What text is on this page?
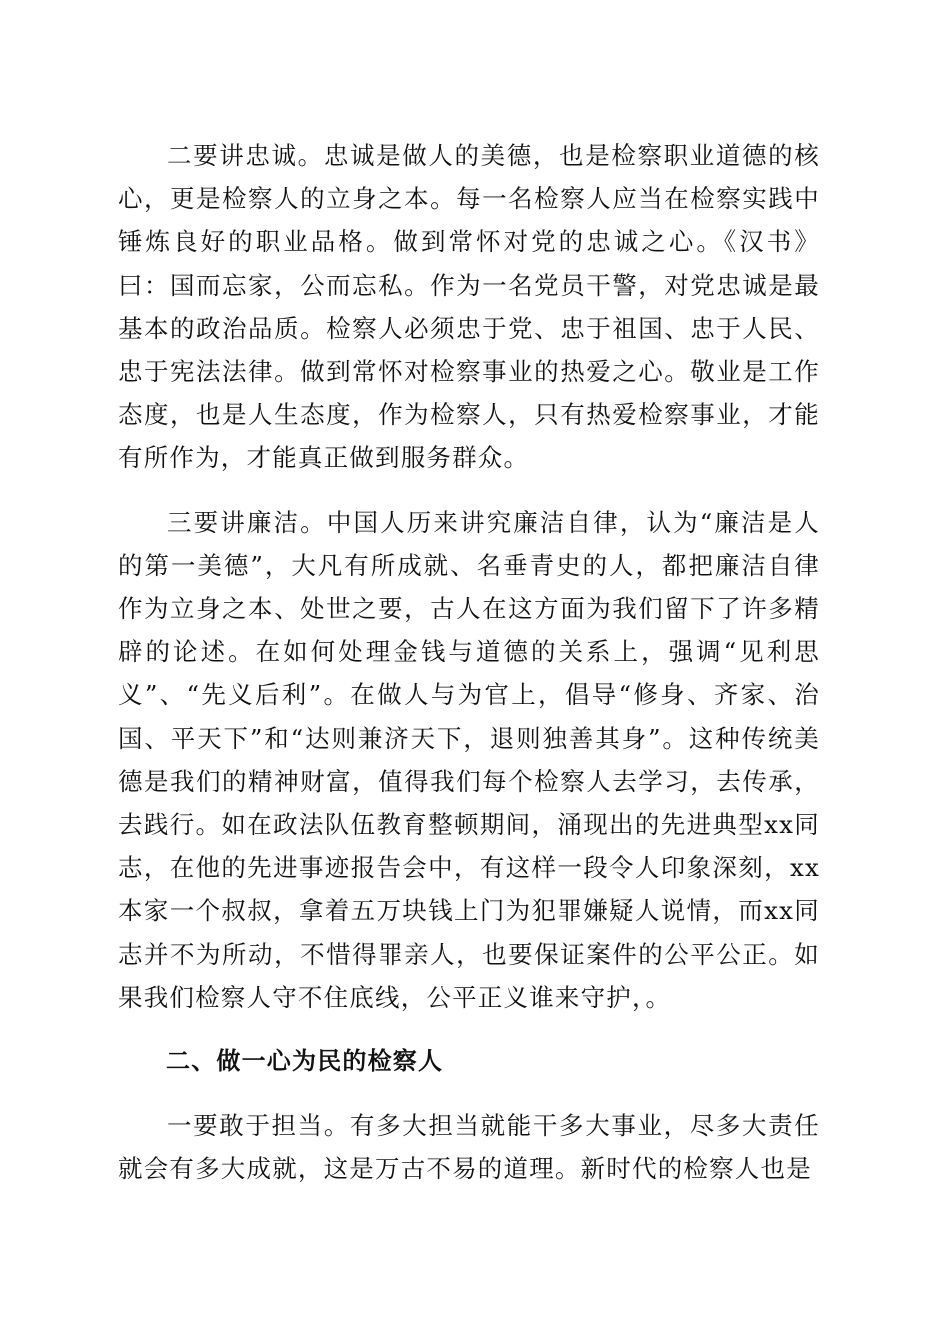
二要讲忠诚。忠诚是做人的美德，也是检察职业道德的核心，更是检察人的立身之本。每一名检察人应当在检察实践中锤炼良好的职业品格。做到常怀对党的忠诚之心。《汉书》曰：国而忘家，公而忘私。作为一名党员干警，对党忠诚是最基本的政治品质。检察人必须忠于党、忠于祖国、忠于人民、忠于宪法法律。做到常怀对检察事业的热爱之心。敬业是工作态度，也是人生态度，作为检察人，只有热爱检察事业，才能有所作为，才能真正做到服务群众。

三要讲廉洁。中国人历来讲究廉洁自律，认为“廉洁是人的第一美德”，大凡有所成就、名垂青史的人，都把廉洁自律作为立身之本、处世之要，古人在这方面为我们留下了许多精辟的论述。在如何处理金钱与道德的关系上，强调“见利思义”、“先义后利”。在做人与为官上，倡导“修身、齐家、治国、平天下”和“达则兼济天下，退则独善其身”。这种传统美德是我们的精神财富，值得我们每个检察人去学习，去传承，去践行。如在政法队伍教育整顿期间，涌现出的先进典型xx同志，在他的先进事迹报告会中，有这样一段令人印象深刻，xx本家一个叔叔，拿着五万块钱上门为犯罪嫌疑人说情，而xx同志并不为所动，不惜得罪亲人，也要保证案件的公平公正。如果我们检察人守不住底线，公平正义谁来守护，。

二、做一心为民的检察人

一要敢于担当。有多大担当就能干多大事业，尽多大责任就会有多大成就，这是万古不易的道理。新时代的检察人也是
